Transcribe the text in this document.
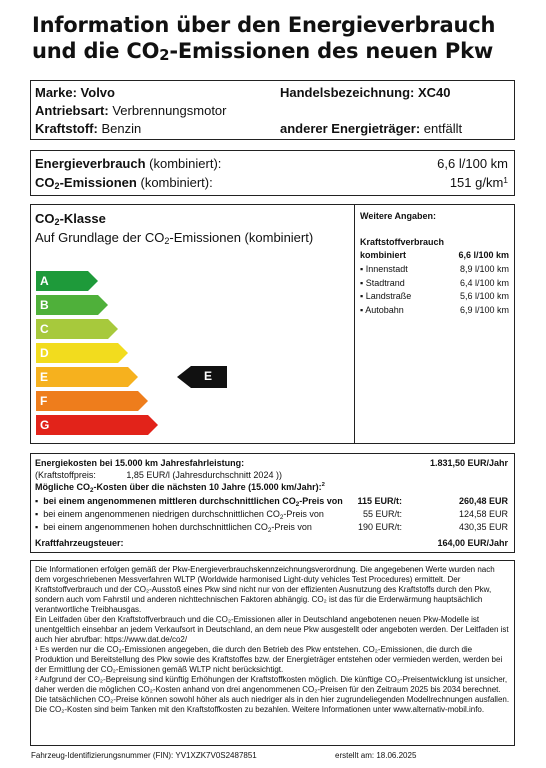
Information über den Energieverbrauch
und die $CO_2$-Emissionen des neuen Pkw
Marke: Volvo
Antriebsart: Verbrennungsmotor
Kraftstoff: Benzin
Handelsbezeichnung: XC40
anderer Energieträger: entfällt
Energieverbrauch (kombiniert):	6,6 l/100 km
$CO_2$-Emissionen (kombiniert):	151 $g/km^1$
$CO_2$-Klasse
Auf Grundlage der $CO_2$-Emissionen (kombiniert)
A
B
C
D
E
F
G
E
Weitere Angaben:
Kraftstoffverbrauch
kombiniert	6,6 l/100 km
▪ Innenstadt	8,9 l/100 km
▪ Stadtrand	6,4 l/100 km
▪ Landstraße	5,6 l/100 km
▪ Autobahn	6,9 l/100 km
Energiekosten bei 15.000 km Jahresfahrleistung:	1.831,50 EUR/Jahr
(Kraftstoffpreis:	1,85 EUR/l (Jahresdurchschnitt 2024 ))
Mögliche $CO_2$-Kosten über die nächsten 10 Jahre (15.000 km/Jahr):$^2$
▪  bei einem angenommenen mittleren durchschnittlichen $CO_2$-Preis von 115 EUR/t:	260,48 EUR
▪  bei einem angenommenen niedrigen durchschnittlichen $CO_2$-Preis von	55 EUR/t:	124,58 EUR
▪  bei einem angenommenen hohen durchschnittlichen $CO_2$-Preis von	190 EUR/t:	430,35 EUR
Kraftfahrzeugsteuer:	164,00 EUR/Jahr

Die Informationen erfolgen gemäß der Pkw-Energieverbrauchskennzeichnungsverordnung. Die angegebenen Werte wurden nach dem vorgeschriebenen Messverfahren WLTP (Worldwide harmonised Light-duty vehicles Test Procedures) ermittelt. Der Kraftstoffverbrauch und der CO₂-Ausstoß eines Pkw sind nicht nur von der effizienten Ausnutzung des Kraftstoffs durch den Pkw, sondern auch vom Fahrstil und anderen nichttechnischen Faktoren abhängig. CO₂ ist das für die Erderwärmung hauptsächlich verantwortliche Treibhausgas.

Ein Leitfaden über den Kraftstoffverbrauch und die CO₂-Emissionen aller in Deutschland angebotenen neuen Pkw-Modelle ist unentgeltlich einsehbar an jedem Verkaufsort in Deutschland, an dem neue Pkw ausgestellt oder angeboten werden. Der Leitfaden ist auch hier abrufbar: https://www.dat.de/co2/

¹ Es werden nur die CO₂-Emissionen angegeben, die durch den Betrieb des Pkw entstehen. CO₂-Emissionen, die durch die Produktion und Bereitstellung des Pkw sowie des Kraftstoffes bzw. der Energieträger entstehen oder vermieden werden, werden bei der Ermittlung der CO₂-Emissionen gemäß WLTP nicht berücksichtigt.

² Aufgrund der CO₂-Bepreisung sind künftig Erhöhungen der Kraftstoffkosten möglich. Die künftige CO₂-Preisentwicklung ist unsicher, daher werden die möglichen CO₂-Kosten anhand von drei angenommenen CO₂-Preisen für den Zeitraum 2025 bis 2034 berechnet. Die tatsächlichen CO₂-Preise können sowohl höher als auch niedriger als in den hier zugrundeliegenden Modellrechnungen ausfallen. Die CO₂-Kosten sind beim Tanken mit den Kraftstoffkosten zu bezahlen. Weitere Informationen unter www.alternativ-mobil.info.

Fahrzeug-Identifizierungsnummer (FIN): YV1XZK7V0S2487851	erstellt am: 18.06.2025
